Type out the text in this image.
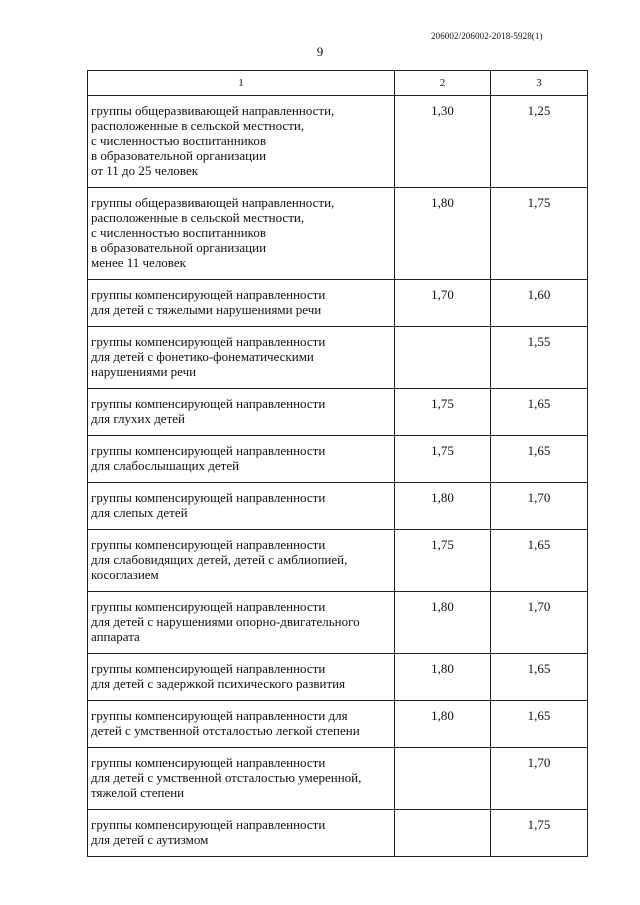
206002/206002-2018-5928(1)
9
1	2	3
группы общеразвивающей направленности,
расположенные в сельской местности,
с численностью воспитанников
в образовательной организации
от 11 до 25 человек	1,30	1,25
группы общеразвивающей направленности,
расположенные в сельской местности,
с численностью воспитанников
в образовательной организации
менее 11 человек	1,80	1,75
группы компенсирующей направленности
для детей с тяжелыми нарушениями речи	1,70	1,60
группы компенсирующей направленности
для детей с фонетико-фонематическими
нарушениями речи		1,55
группы компенсирующей направленности
для глухих детей	1,75	1,65
группы компенсирующей направленности
для слабослышащих детей	1,75	1,65
группы компенсирующей направленности
для слепых детей	1,80	1,70
группы компенсирующей направленности
для слабовидящих детей, детей с амблиопией,
косоглазием	1,75	1,65
группы компенсирующей направленности
для детей с нарушениями опорно-двигательного
аппарата	1,80	1,70
группы компенсирующей направленности
для детей с задержкой психического развития	1,80	1,65
группы компенсирующей направленности для
детей с умственной отсталостью легкой степени	1,80	1,65
группы компенсирующей направленности
для детей с умственной отсталостью умеренной,
тяжелой степени		1,70
группы компенсирующей направленности
для детей с аутизмом		1,75
